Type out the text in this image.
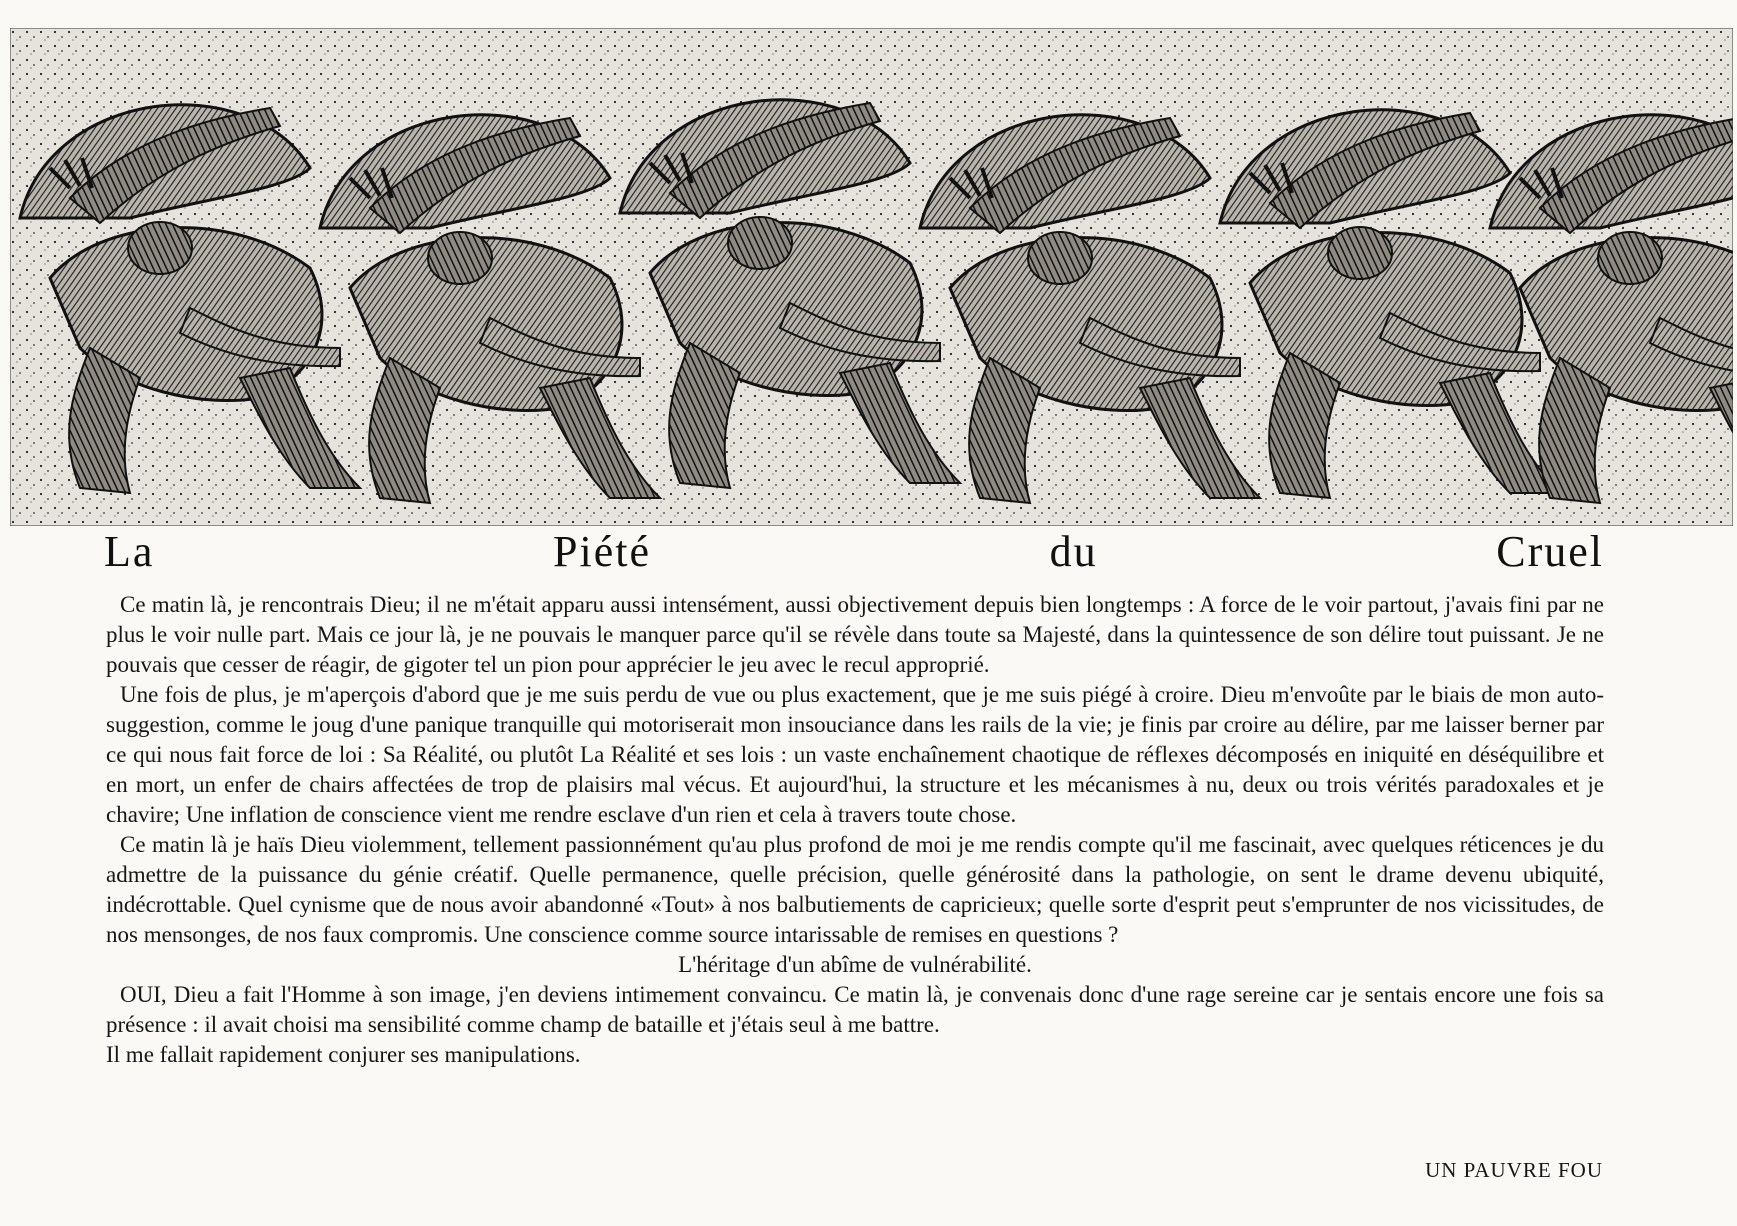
La	Piété	du	Cruel

Ce matin là, je rencontrais Dieu; il ne m'était apparu aussi intensément, aussi objectivement depuis bien longtemps : A force de le voir partout, j'avais fini par ne plus le voir nulle part. Mais ce jour là, je ne pouvais le manquer parce qu'il se révèle dans toute sa Majesté, dans la quintessence de son délire tout puissant. Je ne pouvais que cesser de réagir, de gigoter tel un pion pour apprécier le jeu avec le recul approprié.

Une fois de plus, je m'aperçois d'abord que je me suis perdu de vue ou plus exactement, que je me suis piégé à croire. Dieu m'envoûte par le biais de mon auto-suggestion, comme le joug d'une panique tranquille qui motoriserait mon insouciance dans les rails de la vie; je finis par croire au délire, par me laisser berner par ce qui nous fait force de loi : Sa Réalité, ou plutôt La Réalité et ses lois : un vaste enchaînement chaotique de réflexes décomposés en iniquité en déséquilibre et en mort, un enfer de chairs affectées de trop de plaisirs mal vécus. Et aujourd'hui, la structure et les mécanismes à nu, deux ou trois vérités paradoxales et je chavire; Une inflation de conscience vient me rendre esclave d'un rien et cela à travers toute chose.

Ce matin là je haïs Dieu violemment, tellement passionnément qu'au plus profond de moi je me rendis compte qu'il me fascinait, avec quelques réticences je du admettre de la puissance du génie créatif. Quelle permanence, quelle précision, quelle générosité dans la pathologie, on sent le drame devenu ubiquité, indécrottable. Quel cynisme que de nous avoir abandonné «Tout» à nos balbutiements de capricieux; quelle sorte d'esprit peut s'emprunter de nos vicissitudes, de nos mensonges, de nos faux compromis. Une conscience comme source intarissable de remises en questions ?

L'héritage d'un abîme de vulnérabilité.

OUI, Dieu a fait l'Homme à son image, j'en deviens intimement convaincu. Ce matin là, je convenais donc d'une rage sereine car je sentais encore une fois sa présence : il avait choisi ma sensibilité comme champ de bataille et j'étais seul à me battre.

Il me fallait rapidement conjurer ses manipulations.

UN PAUVRE FOU
